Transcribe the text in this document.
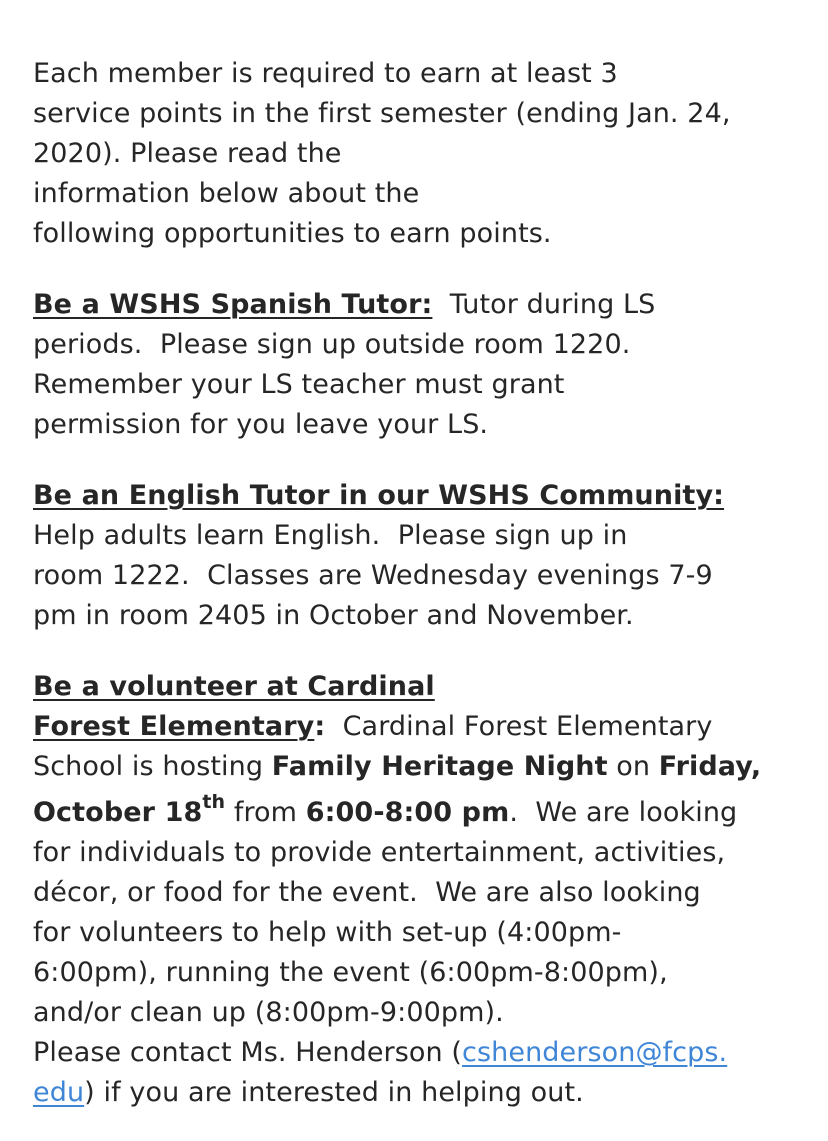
Each member is required to earn at least 3
service points in the first semester (ending Jan. 24,
2020). Please read the
information below about the
following opportunities to earn points.
Be a WSHS Spanish Tutor:  Tutor during LS
periods.  Please sign up outside room 1220.
Remember your LS teacher must grant
permission for you leave your LS.
Be an English Tutor in our WSHS Community:
Help adults learn English.  Please sign up in
room 1222.  Classes are Wednesday evenings 7-9
pm in room 2405 in October and November.
Be a volunteer at Cardinal
Forest Elementary:  Cardinal Forest Elementary
School is hosting Family Heritage Night on Friday,
October 18th from 6:00-8:00 pm.  We are looking
for individuals to provide entertainment, activities,
décor, or food for the event.  We are also looking
for volunteers to help with set-up (4:00pm-
6:00pm), running the event (6:00pm-8:00pm),
and/or clean up (8:00pm-9:00pm).
Please contact Ms. Henderson (cshenderson@fcps.
edu) if you are interested in helping out.
